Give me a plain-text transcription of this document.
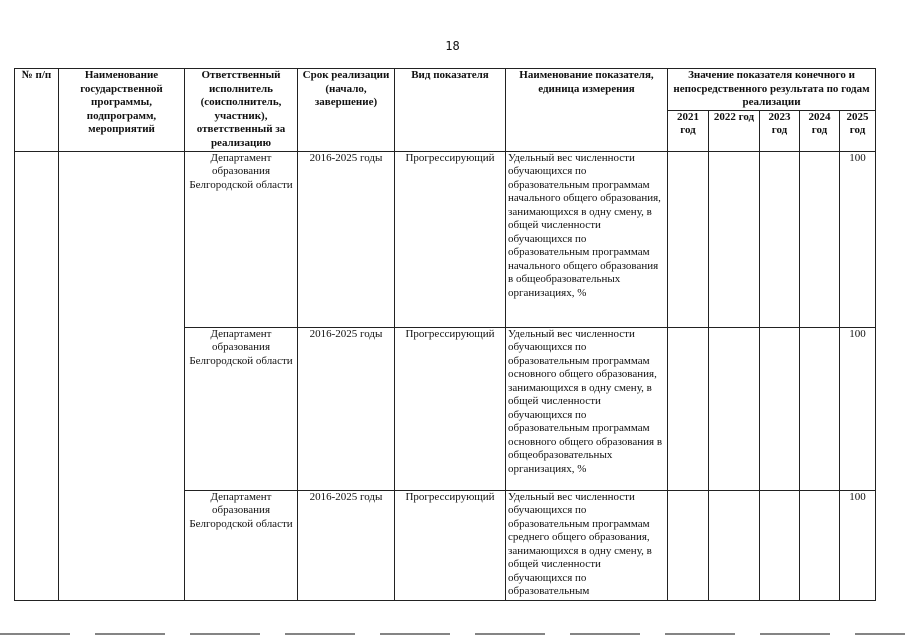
18
№ п/п	Наименование государственной программы, подпрограмм, мероприятий	Ответственный исполнитель (соисполнитель, участник), ответственный за реализацию	Срок реализации (начало, завершение)	Вид показателя	Наименование показателя, единица измерения	Значение показателя конечного и непосредственного результата по годам реализации				
						2021 год	2022 год	2023 год	2024 год	2025 год
		Департамент образования Белгородской области	2016-2025 годы	Прогрессирующий	Удельный вес численности обучающихся по образовательным программам начального общего образования, занимающихся в одну смену, в общей численности обучающихся по образовательным программам начального общего образования в общеобразовательных организациях, %					100
		Департамент образования Белгородской области	2016-2025 годы	Прогрессирующий	Удельный вес численности обучающихся по образовательным программам основного общего образования, занимающихся в одну смену, в общей численности обучающихся по образовательным программам основного общего образования в общеобразовательных организациях, %					100
		Департамент образования Белгородской области	2016-2025 годы	Прогрессирующий	Удельный вес численности обучающихся по образовательным программам среднего общего образования, занимающихся в одну смену, в общей численности обучающихся по образовательным					100
